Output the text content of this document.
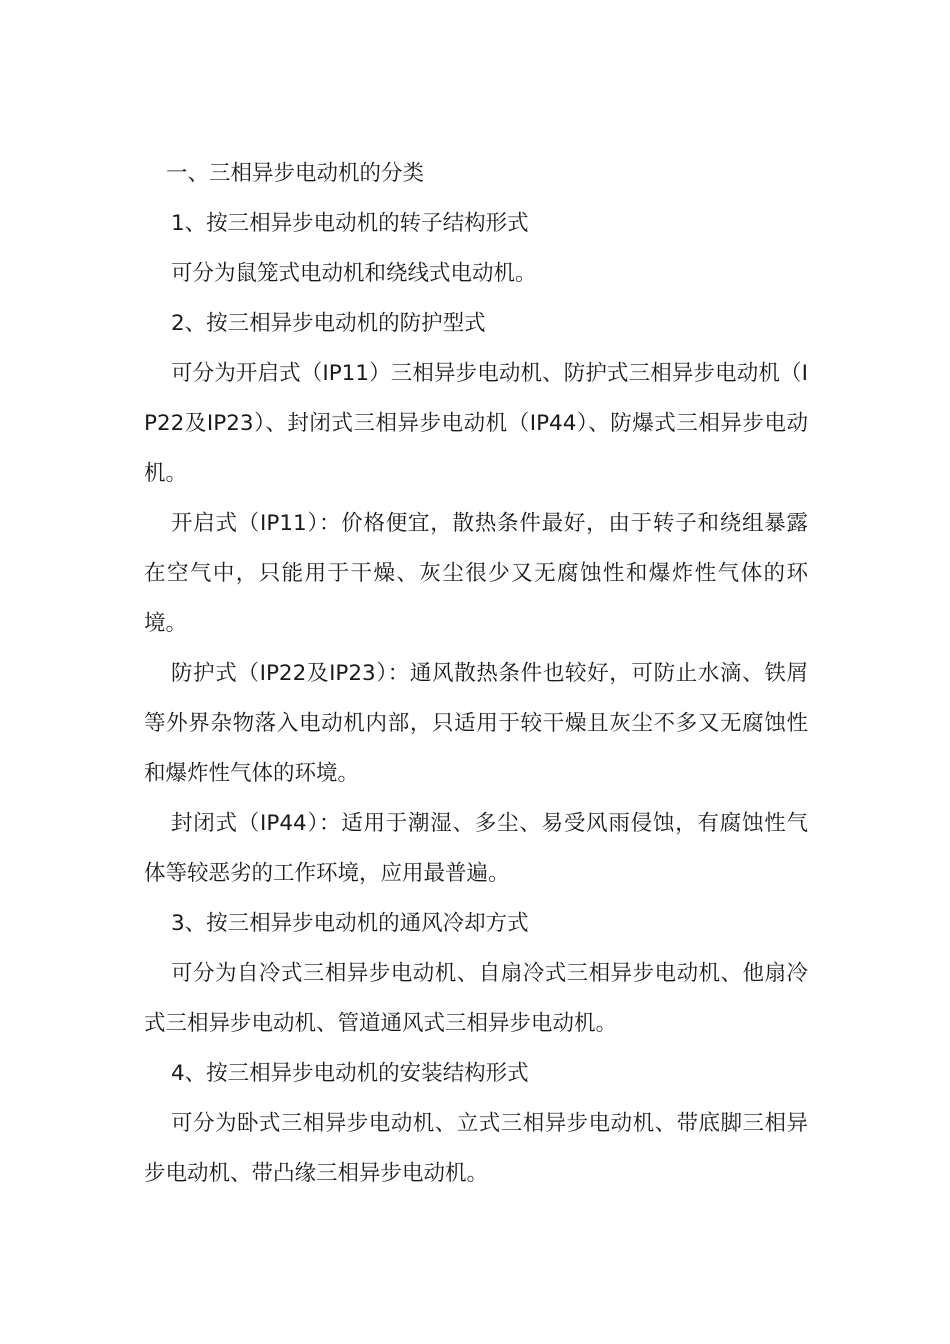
一、三相异步电动机的分类

1、按三相异步电动机的转子结构形式

可分为鼠笼式电动机和绕线式电动机。

2、按三相异步电动机的防护型式

可分为开启式（IP11）三相异步电动机、防护式三相异步电动机（IP22及IP23）、封闭式三相异步电动机（IP44）、防爆式三相异步电动机。

开启式（IP11）：价格便宜，散热条件最好，由于转子和绕组暴露在空气中，只能用于干燥、灰尘很少又无腐蚀性和爆炸性气体的环境。

防护式（IP22及IP23）：通风散热条件也较好，可防止水滴、铁屑等外界杂物落入电动机内部，只适用于较干燥且灰尘不多又无腐蚀性和爆炸性气体的环境。

封闭式（IP44）：适用于潮湿、多尘、易受风雨侵蚀，有腐蚀性气体等较恶劣的工作环境，应用最普遍。

3、按三相异步电动机的通风冷却方式

可分为自冷式三相异步电动机、自扇冷式三相异步电动机、他扇冷式三相异步电动机、管道通风式三相异步电动机。

4、按三相异步电动机的安装结构形式

可分为卧式三相异步电动机、立式三相异步电动机、带底脚三相异步电动机、带凸缘三相异步电动机。
